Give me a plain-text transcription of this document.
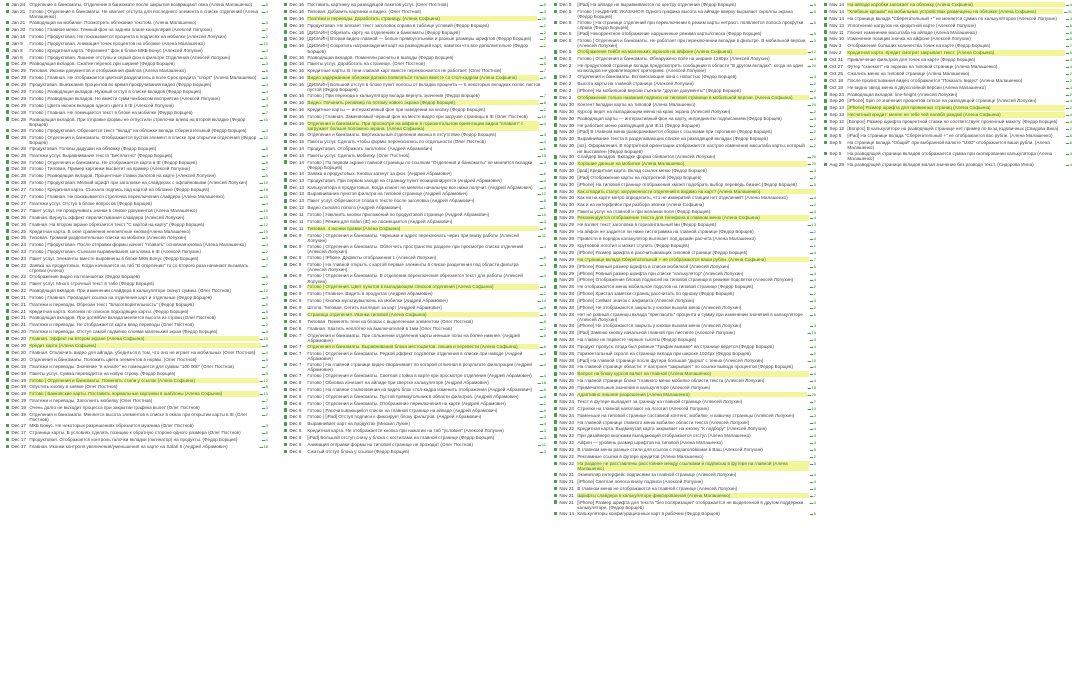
Jan 24 Отделение в банкоматы. Отделение в банкомате после закрытия возвращают окна (Алена Малашенко)	▬ 5
Jan 21 Готово | Отделение в банкоматы. Не хватает отступа для последнего элемента в списке отделений (Алена Малашенко)
▬ 4
Jan 21 Разводящая на мобилке. Посмотреть обтекание текстом. (Алена Малашенко)	▬ 3
Jan 20 Готово | Главное меню. Темный фон на заднем плане канцелярий (Алексей Лопухин)	▬ 7
Jan 18 Готово | Продуктовая. Не показывается процента в подписях на мобилке (Алексей Лопухин)	▬ 2
Jan 9	Готово | Продуктовая. Анимация точек процентов на обложке (Алена Малашенко)	▬ 10
Jan 8	Готово | Кредитная карта. "Фрагмент" фон в блоке МКБ Бонус (Алексей Лопухин)	▬ 4
Jan 8	Готово | Продуктовая. Лишние отступы и серый фон в фильтре Отделения (Алексей Лопухин)	▬ 11
Dec 29 Разводящая вкладов. Сжатие перенос при ширине (Федор Борщев)	▬ 3
Dec 29 Типовая. Иконки документов и отображения файлов (Алена Малашенко)	▬ 6
Dec 29 Готово | Главная. Не отображается цветной разделитель в поле Срок кредита "спорт" (Алена Малашенко)	▬ 6
Dec 29 Продуктовая. Выезжание процентов во время прокручивания видео (Федор Борщев)	▬ 4
Dec 29 Готово | Разводящая вкладов. Нужный отступ в списке вкладов (Федор Борщев)	▬ 4
Dec 29 Готово | Разводящая вкладов. Не вмести сумм чекбоксом восприятие (Алексей Лопухин)	▬ 3
Dec 29 Готово | Цвета иконок вкладов одного цвета в IE (Алексей Лопухин)	▬ 3
Dec 28 Готово | Главная. Не помещается текст в блоке на мобилке (Федор Борщев)	▬ 7
Dec 28 Разводящая вкладов. При отправке формы не отпустили стрелочки влево на второй вкладке (Федор Борщев)
▬ 10
Dec 28 Готово | Продуктовая. Обрезается текст "вклад" на обложке вклада Сберегательный (Федор Борщев)	▬ 4
Dec 28 Готово | Отделения и банкоматы. Отображается пустой элемент в списке при открытии отделения (Федор Борщев)
▬ 10
Dec 28 Продуктовая. Головы дадушки на обложку (Федор Борщев)	▬ 5
Dec 28 Платежи услуг. Выравнивание текста "Бесплатно" (Федор Борщев)	▬ 4
Dec 28 Готово | Отделения и банкоматы. Не отображается карта в IE (Федор Борщев)	▬ 8
Dec 28 Готово | Типовая. Пример картинки высветит на пример (Алексей Лопухин)	▬ 7
Dec 28 Готово | Разводящая вкладов. Процентные ставки Залогов на карте (Алексей Лопухин)	▬ 5
Dec 28 Готово | Продуктовая. Мелкий шрифт при заголовке на слайдерах с офлайновыми (Алексей Лопухин)	▬ 10
Dec 27 Готово | Кредитная карта. Съехала подпись над картой на обложке (Федор Борщев)	▬ 19
Dec 27 Готово | Главная. Не показывается стрелочка переключения слайдера (Алена Малашенко)	▬ 10
Dec 27 Платежи услуг. Отступ в блоке вопросов (Федор Борщев)	▬ 4
Dec 27 Пакет услуг. Не прокручивать значки в списке документов (Алена Малашенко)	▬ 10
Dec 26 Главная. Вернуть эффект перелистывания слайдера (Алексей Лопухин)	▬ 10
Dec 26 Главная. На втором экране обрезается текст "С картой на карту" (Федор Борщев)	▬ 12
Dec 25 Кредитная карта. В окне сравнения непонятные кнопки(Алена Малашенко)	▬ 10
Dec 25 Типовая. Громкий разделительные списки на мобилке (Алексей Лопухин)	▬ 3
Dec 24 Готово | Продуктовая. После отправки формы начнет "плавать" основная кнопка (Алена Малашенко)	▬ 4
Dec 23 Готово | Продуктовая. Съехали выравнивания заголовка в IE (Алексей Лопухин)	▬ 2
Dec 23 Пакет услуг. Элементы вместе выровнены в блоке МКБ Бонус (Федор Борщев)	▬ 3
Dec 22 Заявка на продуктовых. Когда начинается на таб "В отделении" то со второго раза начинает вызывать стрелки (Алена)
▬ 7
Dec 22 Отображение видео на планшетах (Федор Борщев)	▬ 5
Dec 22 Пакет услуг. Много строчный текст в табе (Федор Борщев)	▬ 2
Dec 22 Разводящая вкладов. При изменении слайдера в калькуляторе скачут суммы. (Олег Постнов)	▬ 12
Dec 21 Готово | Главная. Пропадает ссылка на отделения карт и отдельные (Федор Борщев)	▬ 3
Dec 21 Платежи и переводы. Обрезан текст "Благотворительность" (Федор Борщев)	▬ 5
Dec 21 Кредитная карта. Колонки по списков подходящие карты. (Федор Борщев)	▬ 5
Dec 21 Разводящая вкладов. При дотяйбле вклада меняется высота из строки (Олег Постнов)	▬ 4
Dec 21 Платежи и переводы. Не отображается карта ввод переводы (Олег Постнов)	▬ 2
Dec 20 Платежи и переводы. Отступ самой подменю слоями маленький экран (Федор Борщев)	▬ 3
Dec 20 Главная. Эффект на втором экране (Алена Софьина)	▬ 13
Dec 20 Кредит карта (Алена Софьина)	▬ 8
Dec 20 Главная. Отключить видео для айпада. убедиться в том, что оно не играет на мобильных (Олег Постнов)	▬ 4
Dec 20 Отделения и банкоматы. Положить цвета элементов в нормы. (Олег Постнов)	▬ 5
Dec 19 Платежи и переводы. Значение "в начале" не помещается для суммы "100 000" (Олег Постнов)	▬ 7
Dec 19 Пакеты услуг. Сумма переводится на новую строку. (Федор Борщев)	▬ 3
Dec 19 Готово | Отделения и банкоматы. Поменять стили у ссылок (Алена Софьина)	▬ 12
Dec 19 Опустить кнопку в заявке (Олег Постнов)	▬ 5
Dec 19 Готово | Банковские карты. Поставить нормальные картинки в шаблоны (Алена Софьина)	▬ 13
Dec 19 Платежи и переводы. Заполнить мобилку (Олег Постнов)	▬ 7
Dec 19 Очень долго не выходит процесса при закрытии графика вылет (Олег Постнов)	▬ 3
Dec 19 Отделения и банкоматы. Меняется высота элементов в списке в окнах при открытии карты в IE (Олег Постнов)
▬ 2
Dec 17 МКБ Бонус. Не некоторых разрешениях обрезается мужчина (Олег Постнов)	▬ 3
Dec 17 Страница карты. В условиях сделать позицию к обратную стороне одного размера (Олег Постнов)	▬ 5
Dec 17 Продуктовая. Отображается контроль галочки вкладки (пагинатор) на продукты. (Федор Борщев)	▬ 4
Dec 17 Главная. Иконки контроля увеличения/уменьшения на карте на Safari 8 (Андрей Абрамович)	▬ 18
Dec 16 Поставить картинку на разводящей пакетов услуг. (Олег Постнов)	▬ 5
Dec 16 Типовая. Добавить картинки и видео. (Олег Постнов)	▬ 3
Dec 16 Платежи и переводы. Доработать страницу. (Алена Софьина)	▬ 20
Dec 16 Продуктовая. Не влезает текст заголовок справа в таблице условий (Федор Борщев)	▬ 2
Dec 16 [ДИЗАЙН] Обрезать карту на отделениях и банкоматы (Федор Борщев)	▬ 2
Dec 16 [ДИЗАЙН] Вторая видео главной — белые прямоугольники и разные размеры шрифтов (Федор Борщев)	▬ 2
Dec 16 [ДИЗАЙН] Сократить нагромождения карт на разводящей карт, наметки что все дополнительно (Федор Борщев)
▬ 2
Dec 16 Разводящая вкладов. Поменяли расчеты в выводы (Федор Борщев)	▬ 3
Dec 16 Пакеты услуг. Доработать на странице. (Олег Постнов)	▬ 5
Dec 16 Кредитные карты. В тени главная карт вместе переключается не работает. (Олег Постнов)	▬ 7
Dec 16 Видео задержаннее обложки должно появляться только вместе со стол-кадром (Алена Софьина)	▬ 9
Dec 16 [ДИЗАЙН] Большой отступ в блоке пункт полосы от вкладки процента — в некоторых вкладках полос листов пустой (Федор Борщев)
Dec 16 Готово | При переходе к калькулятору вклада вернуть значения (Федор Борщев)	▬ 7
Dec 16 Видео. Починить релайзер по потому нового экрана (Федор Борщев)	▬ 8
Dec 16 Кредитные карты — интерактивный фон при наведении на кнопку (Федор Борщев)	▬ 2
Dec 16 Готово | Главная. Заменяемый черный фон на месте видео при загрузке страницы в IE (Олег Постнов)	▬ 10
Dec 15 Отделения и банкоматы. При просмотре на айфоне в горизонтальном ориентации видна "плавает" с загружает больше положено экрана. (Алена Софьина)
▬ 4
Dec 15 Отделения и банкоматы. Вертикальный отделения иконка в отсутствие (Федор Борщев)	▬ 3
Dec 15 Пакеты услуг. Сделать чтобы формы переносились по отдельности (Олег Постнов)	▬ 4
Dec 14 Продуктовая. Отображать заголовок. (Андрей Абрамович)	▬ 6
Dec 14 Пакеты услуг. Сделать мобилку. (Олег Постнов)	▬ 15
Dec 14 Готово | По первом экране главной страницы по ссылкам "Отделения и банкоматы" не меняется вкладки (Федор Борщев)
▬ 3
Dec 14 Заявка в продуктовых. Кнопка заткнут за фон. (Андрей Абрамович)	▬ 6
Dec 13 Продуктовая. При первом заходе на страницу пункт позиционируется (Андрей Абрамович)	▬ 4
Dec 13 Калькулятора в продуктовых. Когда клиент не меняли начальную все ниже получит. (Андрей Абрамович)	▬ 4
Dec 13 Выравнивания пунктов фильтра на типовой странице (Андрей Абрамович)	▬ 12
Dec 13 Пакет услуг. Обрезаются слова в тексте после заголовка (Андрей Абрамович)	▬ 8
Dec 12 Видео съехало пополз (Андрей Абрамович)	▬ 1
Dec 11 Готово | Наклеить кнопки приложений по продуктовой странице (Андрей Абрамович)	▬ 10
Dec 11 Готово | Режим для Safari (IE) не посмещается (Андрей Абрамович)	▬ 3
Dec 11 Типовая. 4 иконки правки (Алена Софьина)	▬ 9
Dec 9	Готово | Отделения и банкоматы. Черными и адрес переключать через при внизу работы (Алексей Лопухин)
▬ 11
Dec 9	Готово | Отделения и банкоматы. Облегчить пространство разделе при просмотре списка отделений (Алексей Лопухин)
▬ 4
Dec 9	Готово | IPhone. Дефекты отображения 1 (Алексей Лопухин)	▬ 5
Dec 9	Готово | На главной открыть с картой первые элементы в списке разделения под области фильтра (Алексей Лопухин)
▬ 3
Dec 9	Готово | Отделения и банкоматы. В отделении переключения обрезается текст для работы (Алексей Лопухин)
▬ 4
Dec 9	Готово | Отделения. Цвет пунктов в выпадающем списков отделения (Алена Софьина)	▬ 8
Dec 9	Готово | Главное. Видеть в продуктах (Андрей Абрамович)	▬ 2
Dec 9	Готово | Кнопка мультиувыгжень на мобилки (Андрей Абрамович)	▬ 14
Dec 9	Штопа. Типовая. Cетить выглядит за карт (Андрей Абрамович)	▬ 9
Dec 8	Страница отделения. Иконки типовой (Алена Софьина)	▬ 3
Dec 8	Типовая. Поменять тени на блоках с выделенным элементом (Олег Постнов)	▬ 5
Dec 8	Главная. Хватить неплотно на выключателей в 1мм (Олег Постнов)	▬ 2
Dec 7	Отделения и банкоматы. При сольжении отделения карты меньше попы на более нижнее. (Андрей Абрамович)
▬ 5
Dec 7	Отделения и банкоматы. Выравнивания блока местоцветов. лишив и перевести (Алена Софьина)	▬ 6
Dec 7	Готово | Отделения и банкоматы. Редкой эффект подсветки отделения в списке при наводе (Андрей Абрамович)
▬ 4
Dec 7	Готово | На главной странице видео сворачивает по которой отличная в результате фильтрации (Андрей Абрамович)
▬ 4
Dec 7	Готово | Отделения и банкоматы. Светлая стойка в карте при просмотре отделения (Андрей Абрамович)	▬ 4
Dec 6	Готово | Обновка изчезает на айпаде при свертке калькуляторе (Андрей Абрамович)	▬ 16
Dec 6	Готово | На главное сталкновения на видео блок стол-кадра изменить отображения (Андрей Абрамович)	▬ 5
Dec 6	Готово | Отделения и банкоматы. Пустой прямоугольник в области фильтров. (Андрей Абрамович)	▬ 8
Dec 6	Готово | Отделения и банкоматы. Отображение переключения на карте (Андрей Абрамович)	▬ 2
Dec 6	Готово | Рассчитывающийся список на главной странице на айпаде (Андрей Абрамович)	▬ 9
Dec 6	Готово | [iPad] Отступ подписи к фиксирует блоку фильтров. (Андрей Абрамович)	▬ 3
Dec 6	Выравнивает карт на продуктах (Михаил Лукин)	▬ 4
Dec 6	Кредитная карта. Не отображается кнопка при нажатии на таб "условия" (Алексей Лопухин)	▬ 3
Dec 6	[iPad] Большой отступ снизу у блока с костилами на главной странице (Федор Борщев)	▬ 3
Dec 6	Анимация отправки формы на типовой странице не проходит (Олег Постнов)	▬ 11
Dec 6	Сжатый отступ блока у ссылки (Федор Борщев)	▬ 3
Dec 5	[iPad] На айпаде не выравниваются по центру отделения (Федор Борщев)	▬ 9
Dec 5	Готово | НАДИНИЕ УКАЗАНО!!! Одного графика высота на айпаде вверху вырывает скроллы экрана (Федор Борщев)
▬ 5
Dec 5	Готово | На странице отделений при переключении в режим карты нетрасп. появляется полоса прокрутки справа (Федор Борщев)
▬ 5
Dec 5	[iPad] Некорректное отображение нарушенные режима карты/списка (Федор Борщев)	▬ 9
Dec 5	Готово | Отделения и банкоматы. Не работает при переключении вкладки в фильтре. В мобильной версии (Алексей Лопухин)
▬ 3
Dec 5	Отображение Гейбл на маленьких экранов на айфоне (Алена Софьина)	▬ 12
Dec 5	Готово | Отделения и банкоматы. Обнаружено поле на ширине 1280px (Алексей Лопухин)	▬ 4
Dec 2	Не продуктовой странице вклада предусмотреть сообщение в области "В другом вкладах", когда на один из вкладов не удовлетворяет критериям. (Алексей Лопухин)
▬ 20
Dec 2	Отделения и банкоматы. Вспомогающие окна с новостью (Федор Борщев)	▬ 3
Dec 2	Высота карты на главной странице (Алексей Лопухин)	▬ 2
Dec 2	[iPhone] На мобильной версии съехали "другие документы" (Федор Борщев)	▬ 2
Dec 2	Отображение только названия подписи на типовой странице в мобильной версии. (Алена Софьина)	▬ 9
Nov 30 Контент вкладки карты на типовой (Алена Малашенко)	▬ 24
Nov 30 Курсор ведет на выпадающем меню на краю экрана (Алексей Лопухин)	▬ 2
Nov 30 Разводящая карты — интерактивный фон на карту, ингредиенты подписаниям (Федор Борщев)	▬ 3
Nov 30 Не работает меню разводящей для IE11 (Федор Борщев)	▬ 2
Nov 30 [iPad] В главном меню разворачивается сборки с ссылками при скролинге (Федор Борщев)	▬ 2
Nov 30 Выравнивание текста в разделывающих списке на разводящей вкладах (Федор Борщев)	▬ 2
Nov 30 [ios]. Оформления. В портретной ориентации отображается настрое изменения масштаба карты, который не выставлен (Федор Борщев)
▬ 2
Nov 30 Слайдер вкладов. Вкладке форма сбивается (Алексей Лопухин)	▬ 20
Nov 30 Хорошие данные на мобилке (Алена Малашенко)	▬ 20
Nov 30 [ipad] Кредитная карта. Вклад ссылок меню (Федор Борщев)	▬ 3
Nov 30 [iPad] Отображение карты на портретной (Федор Борщев)	▬ 2
Nov 30 [iPhone] На типовой странице отображения хмпжп подобрать выбор переведь бизнес (Федор Борщев)	▬ 5
Nov 30 Как сгладить статус загруженности отделений в видимо на карт? (Алена Малашенко)
Nov 30 Как ни на карте метро определить, что не измеритий станции нет отделений? (Алена Малашенко)	▬ 4
Nov 30 Как и на интерфейсе при разбора звонки (Алена Софьина)	▬ 2
Nov 29 Пакеты услуг на главной и при желании поля (Федор Борщев)	▬ 4
Nov 29 Рекомендуется отображение текста для телефона в главном меню (Алена Софьина)	▬ 4
Nov 29 Не взляет текст заголовка в горизонтальный ми (Федор Борщев)	▬ 13
Nov 29 На айфон не задается ли ниже гистограмма на главной странице (Федор Борщев)	▬ 2
Nov 29 Привести в порядок калькулятор вытекает под дизайн расчета (Алена Малашенко)	▬ 4
Nov 29 Кругловой логотип и может ступить (Федор Борщев)	▬ 1
Nov 29 [iPhone] Размер шрифта в рассчитывающих типовой странице (Федор Борщев)	▬ 4
Nov 29 На странице вклада Сберегательный + не отображаются ваши рубли. (Алена Софьина)	▬ 7
Nov 29 [iPhone] Ровный размер шрифта в списке мобилкой (Алексей Лопухин)	▬ 5
Nov 29 [iPhone] Ровный размер шрифта при списке "калькулятор" (Алексей Лопухин)	▬ 4
Nov 29 [iPhone] Отображения блоков подписей на типовой странице в режиме подсветки (Алексей Лопухин)	▬ 4
Nov 28 Не отображается меню мобильное подслов на типовой странице (Федор Борщев)	▬ 2
Nov 28 [iPhone] Кристал заметки страниц рассчитать по одному (Федор Борщев)	▬ 2
Nov 28 [iPhone] Сеймат значок с алфавита (Алексей Лопухин)	▬ 3
Nov 28 [iPhone] Не отображаются закрыть у кнопки вызова меню (Алексей Лопухин)	▬ 2
Nov 28 Нет не ровный страницы вклада "пригласить" процента и сумму при изменении значений в калькуляторе (Алексей Лопухин)
▬ 6
Nov 28 [iPhone] Не отображаются закрыть у кнопки вызова меню (Алексей Лопухин)	▬ 3
Nov 28 [iPad] Заменю кнопку начальной главной при листинге (Алексей Лопухин)	▬ 15
Nov 28 На главне не парвесте черные тысяты (Федор Борщев)	▬ 3
Nov 28 Продукт пропуск, вгода был ровные "Трафик вывиже" на странице ведется (Федор Борщев)	▬ 4
Nov 28 Горизонтальный скролл на странице вклада при широке 1024px (Федор Борщев)	▬ 2
Nov 28 [iPad] На главной странице после футера большая "дырка" с тенью (Алексей Лопухин)	▬ 10
Nov 28 На главной странице области: У настроек "закрывает" по ссылке вывода процентов (Федор Борщев)	▬ 4
Nov 26 Вопрос на блоку курсов валют на главной (Алена Малашенко)	▬ 4
Nov 26 На главной странице блоке "главного меню мобилке области текста (Алексей Лопухин)	▬ 4
Nov 26 Примечательные значения в калькуляторе (Алексей Лопухин)	▬ 18
Nov 26 Адаптивно лишние разрешения (Алена Малашенко)	▬ 20
Nov 24 Текст в футере выпадает за границу на главной странице (Алексей Лопухин)	▬ 7
Nov 24 Стрелки на главной наползают на логотип (Алексей Лопухин)	▬ 10
Nov 24 Поменьше на типовой странице составной контент: мобилке, и кавычку страницы (Алексей Лопухин)	▬ 3
Nov 24 На главной странице главного меню мобилке области текста (Алексей Лопухин)	▬ 4
Nov 22 Кредитная карта. Выдвинутая карта закрывает на кнопку "К подбору" (Алексей Лопухин)	▬ 4
Nov 22 При дизайнере кнопками выпадающий отображается отступ (Алена Малашенко)	▬ 3
Nov 22 Айфон — уровень размер шрифтов на типовой (Алена Малашенко)	▬ 3
Nov 22 В главном меню разные стили для ссылок с подзаголовками в Ваш (Алексей Лопухин)	▬ 5
Nov 22 Рекламные ссылки в футере кредитов (Алена Малашенко)	▬ 2
Nov 22 На разделе не расставлены расстояние между ссылками и подписью в футере на главной (Алена Малашенко)
▬ 5
Nov 21 Экземпляр интерфейс подписями за главной странице (Алексей Лопухин)	▬ 4
Nov 21 [iPhone] Светлая полоса внизу подписи (Алексей Лопухин)	▬ 4
Nov 21 В главном меню не отображаются на главной странице (Алексей Лопухин)	▬ 5
Nov 21 Шрифты слайдера в калькуляторе фиксированная (Алена Малашенко)	▬ 7
Nov 21 [iPhone] Размер шрифта для текста "без поляризации" отображается не выделенной в другом поддержки калькуляторе. (Федор Борщев)
▬ 3
Nov 14 Калькуляторы конфигурационных карт в рабочем (Федор Борщев)	▬ 5
Nov 14 На айпаде коробки заезжает на обложку (Алена Софьина)	▬ 4
Nov 14 "Хлебные крошки" на мобильных устройствах размещены на обложке (Алена Софьина)	▬ 11
Nov 14 На странице вклада "Сберегательный +" не меняется сумма по калькуляторов (Алексей Лопухин)	▬ 3
Nov 13 Уплотнение нагрузок на кредитной карте (Алексей Лопухин)	▬ 6
Nov 11 Глючит изменение масштаба на айпаде (Алена Малашенко)	▬ 6
Nov 10 Изменение позиции значка на айфоне (Алексей Лопухин)	▬ 5
Nov 3	Отображение больших количества точек на карте (Федор Борщев)	▬ 7
Nov 2	Кредитная карта. Кредит смотрит закрывает текст. (Алена Софьина)	▬ 5
Oct 31 Привлечение фильтров для точек на карте (Федор Борщев)	▬ 4
Oct 27 Футер "скаеккет" на экранах на типовой странице (Алена Малашенко)	▬ 4
Oct 25 Сжались меню на типовой странице (Алена Малашенко)	▬ 2
Oct 18 После пролистывания видео отображается "Показать видео" (Алена Малашенко)	▬ 2
Oct 18 Не видно звезд меню в двухслойной версии (Алена Малашенко)	▬ 4
Sep 24 Разводящая вкладов: line-height (Алексей Лопухин)	▬ 2
Sep 20 [iPhone] Spin се значения процентов сеткое на разводящей странице (Алексей Лопухин)	▬ 4
Sep 13 [iPhone] Размер шрифта для провинных страниц (Алена Софьина)	▬ 2
Sep 13 Несчетный кредит: менял не тебе чей палабл рандой (Алена Софьина)	▬ 4
Sep 12 [Вопрос] Размер шрифта процентной ставки не соответствует проченный макету. (Федор Борщев)	▬ 4
Sep 12 [Вопрос] В калькуляторе на разводящей странице нет пример по вхэд ездовичных (Свидова Вика)	▬ 2
Sep 5	[iPad] На странице вклада "Сберегательный +" не отображается вас рубли. (Алена Малашенко)	▬ 6
Sep 5	На странице вклада "Общий" при выбранной валюте "USD" отображается ваши рубли. (Алена Малашенко)
▬ 6
Sep 5	На разводящей странице вкладов отображается сумма при скопировании калькулятора (Алена Малашенко)
▬ 3
Aug 29 На разводящей странице вкладов малая значение без разводя текст. (Сидорова Инна)	▬ 4
